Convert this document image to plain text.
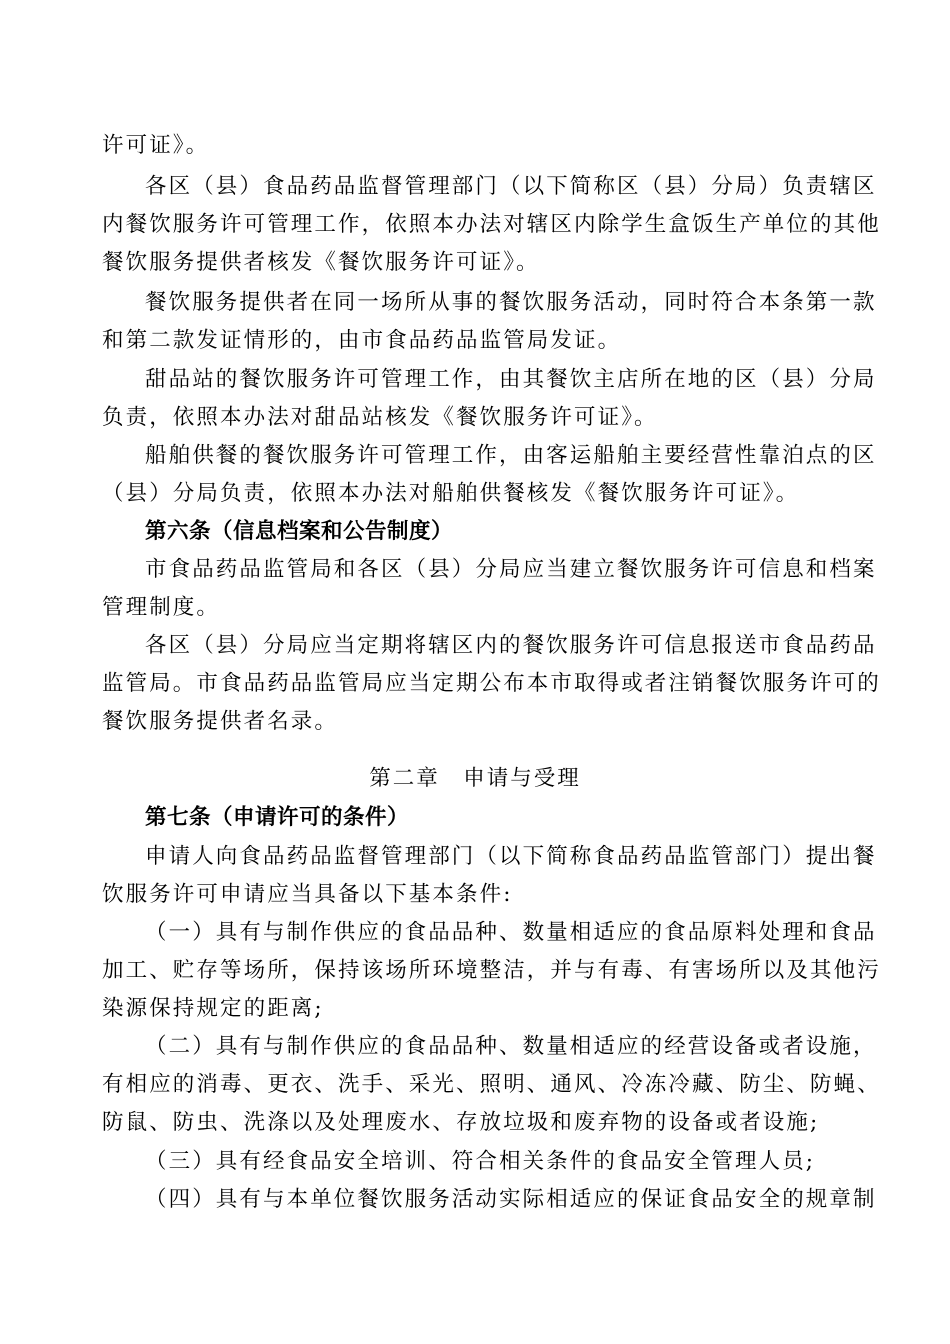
许可证》。
各区（县）食品药品监督管理部门（以下简称区（县）分局）负责辖区
内餐饮服务许可管理工作，依照本办法对辖区内除学生盒饭生产单位的其他
餐饮服务提供者核发《餐饮服务许可证》。
餐饮服务提供者在同一场所从事的餐饮服务活动，同时符合本条第一款
和第二款发证情形的，由市食品药品监管局发证。
甜品站的餐饮服务许可管理工作，由其餐饮主店所在地的区（县）分局
负责，依照本办法对甜品站核发《餐饮服务许可证》。
船舶供餐的餐饮服务许可管理工作，由客运船舶主要经营性靠泊点的区
（县）分局负责，依照本办法对船舶供餐核发《餐饮服务许可证》。
第六条（信息档案和公告制度）
市食品药品监管局和各区（县）分局应当建立餐饮服务许可信息和档案
管理制度。
各区（县）分局应当定期将辖区内的餐饮服务许可信息报送市食品药品
监管局。市食品药品监管局应当定期公布本市取得或者注销餐饮服务许可的
餐饮服务提供者名录。
第二章　申请与受理
第七条（申请许可的条件）
申请人向食品药品监督管理部门（以下简称食品药品监管部门）提出餐
饮服务许可申请应当具备以下基本条件:
（一）具有与制作供应的食品品种、数量相适应的食品原料处理和食品
加工、贮存等场所，保持该场所环境整洁，并与有毒、有害场所以及其他污
染源保持规定的距离;
（二）具有与制作供应的食品品种、数量相适应的经营设备或者设施，
有相应的消毒、更衣、洗手、采光、照明、通风、冷冻冷藏、防尘、防蝇、
防鼠、防虫、洗涤以及处理废水、存放垃圾和废弃物的设备或者设施;
（三）具有经食品安全培训、符合相关条件的食品安全管理人员;
（四）具有与本单位餐饮服务活动实际相适应的保证食品安全的规章制
